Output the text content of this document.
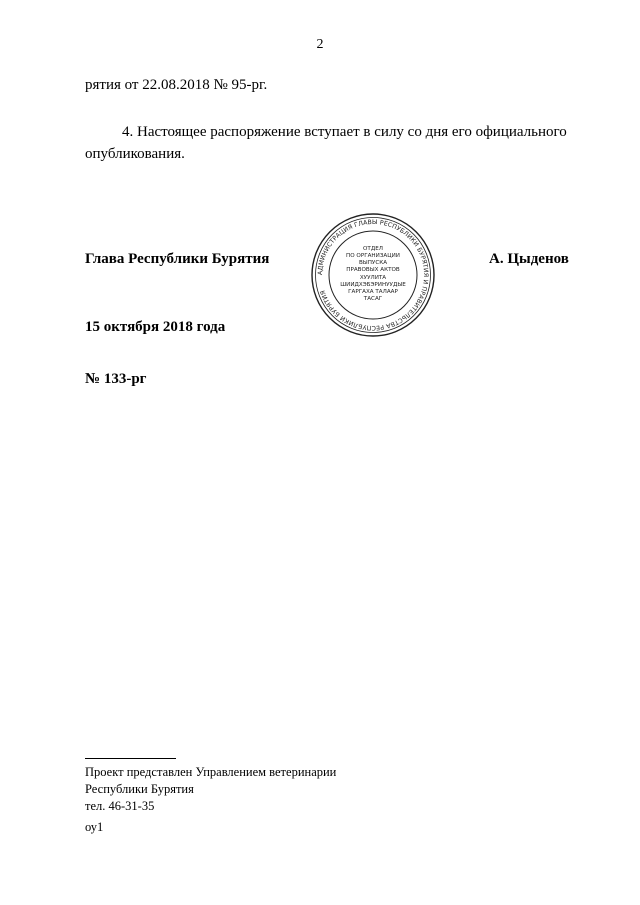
2
рятия от 22.08.2018 № 95-рг.
4. Настоящее распоряжение вступает в силу со дня его официального
опубликования.
Глава Республики Бурятия	А. Цыденов
АДМИНИСТРАЦИЯ ГЛАВЫ РЕСПУБЛИКИ БУРЯТИЯ И ПРАВИТЕЛЬСТВА РЕСПУБЛИКИ БУРЯТИЯ
ОТДЕЛ
ПО ОРГАНИЗАЦИИ
ВЫПУСКА
ПРАВОВЫХ АКТОВ
ХУУЛИТА
ШИИДХЭБЭРИНУУДЫЕ
ГАРГАХА ТАЛААР
ТАСАГ
15 октября 2018 года
№ 133-рг
Проект представлен Управлением ветеринарии
Республики Бурятия
тел. 46-31-35
оу1
